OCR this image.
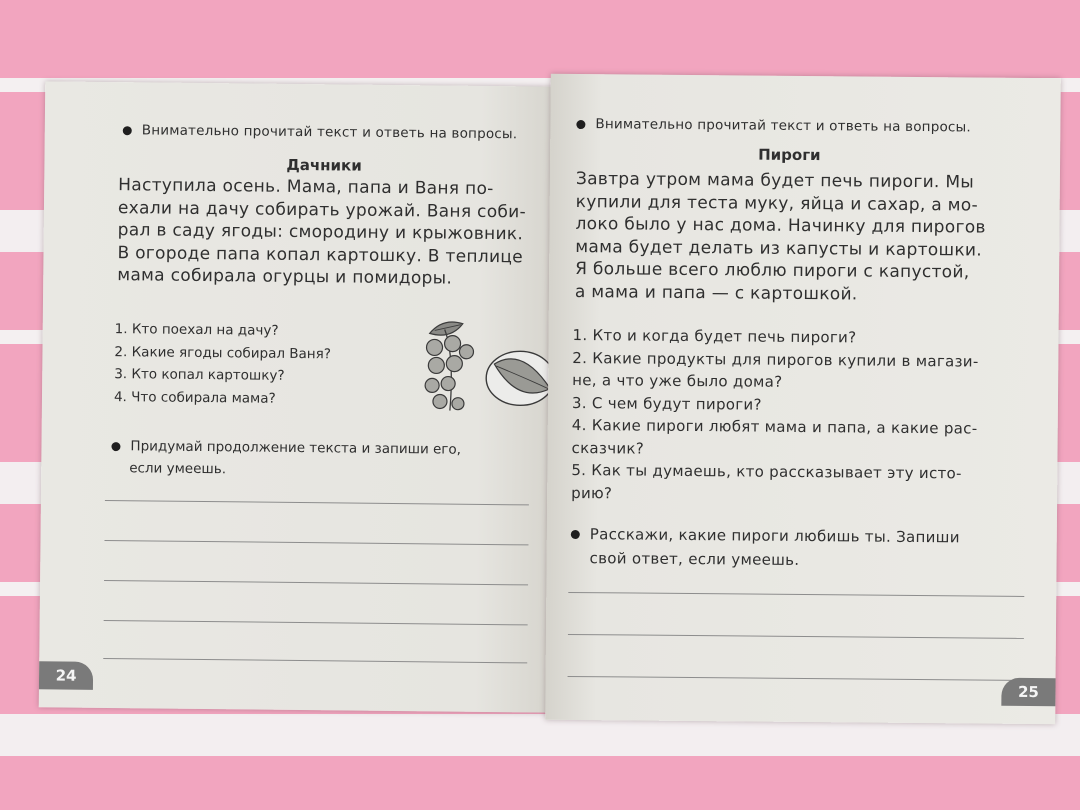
Внимательно прочитай текст и ответь на вопросы.
Дачники
Наступила осень. Мама, папа и Ваня по-
ехали на дачу собирать урожай. Ваня соби-
рал в саду ягоды: смородину и крыжовник.
В огороде папа копал картошку. В теплице
мама собирала огурцы и помидоры.
1. Кто поехал на дачу?
2. Какие ягоды собирал Ваня?
3. Кто копал картошку?
4. Что собирала мама?
Придумай продолжение текста и запиши его,
если умеешь.
24
Внимательно прочитай текст и ответь на вопросы.
Пироги
Завтра утром мама будет печь пироги. Мы
купили для теста муку, яйца и сахар, а мо-
локо было у нас дома. Начинку для пирогов
мама будет делать из капусты и картошки.
Я больше всего люблю пироги с капустой,
а мама и папа — с картошкой.
1. Кто и когда будет печь пироги?
2. Какие продукты для пирогов купили в магази-
не, а что уже было дома?
3. С чем будут пироги?
4. Какие пироги любят мама и папа, а какие рас-
сказчик?
5. Как ты думаешь, кто рассказывает эту исто-
рию?
Расскажи, какие пироги любишь ты. Запиши
свой ответ, если умеешь.
25
